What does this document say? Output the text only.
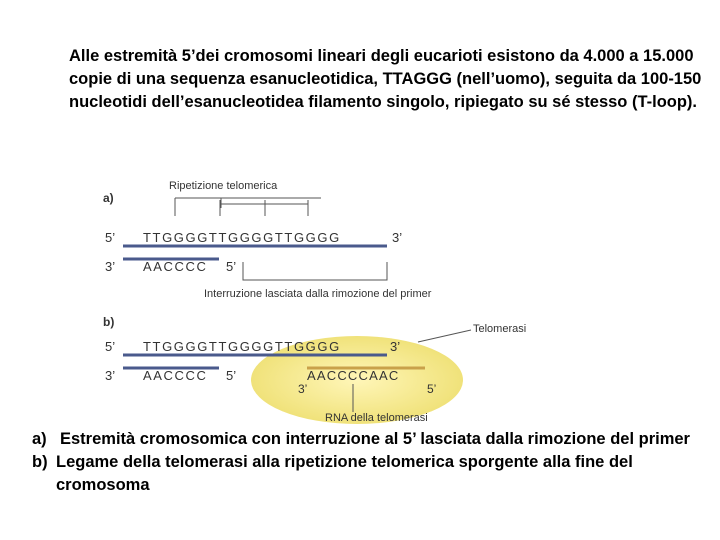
Alle estremità 5’dei cromosomi lineari degli eucarioti esistono da 4.000 a 15.000 copie di una sequenza esanucleotidica, TTAGGG (nell’uomo), seguita da 100-150 nucleotidi dell’esanucleotidea filamento singolo, ripiegato su sé stesso (T-loop).

a)
Ripetizione telomerica
5’ TTGGGGTTGGGGTTGGGG	3’
3’ AACCCC 5’
Interruzione lasciata dalla rimozione del primer
b)	Telomerasi
5’ TTGGGGTTGGGGTTGGGG	3’
3’ AACCCC 5’	AACCCCAAC
3’	5’
RNA della telomerasi
a) Estremità cromosomica con interruzione al 5’ lasciata dalla rimozione del primer
b) Legame della telomerasi alla ripetizione telomerica sporgente alla fine del cromosoma
